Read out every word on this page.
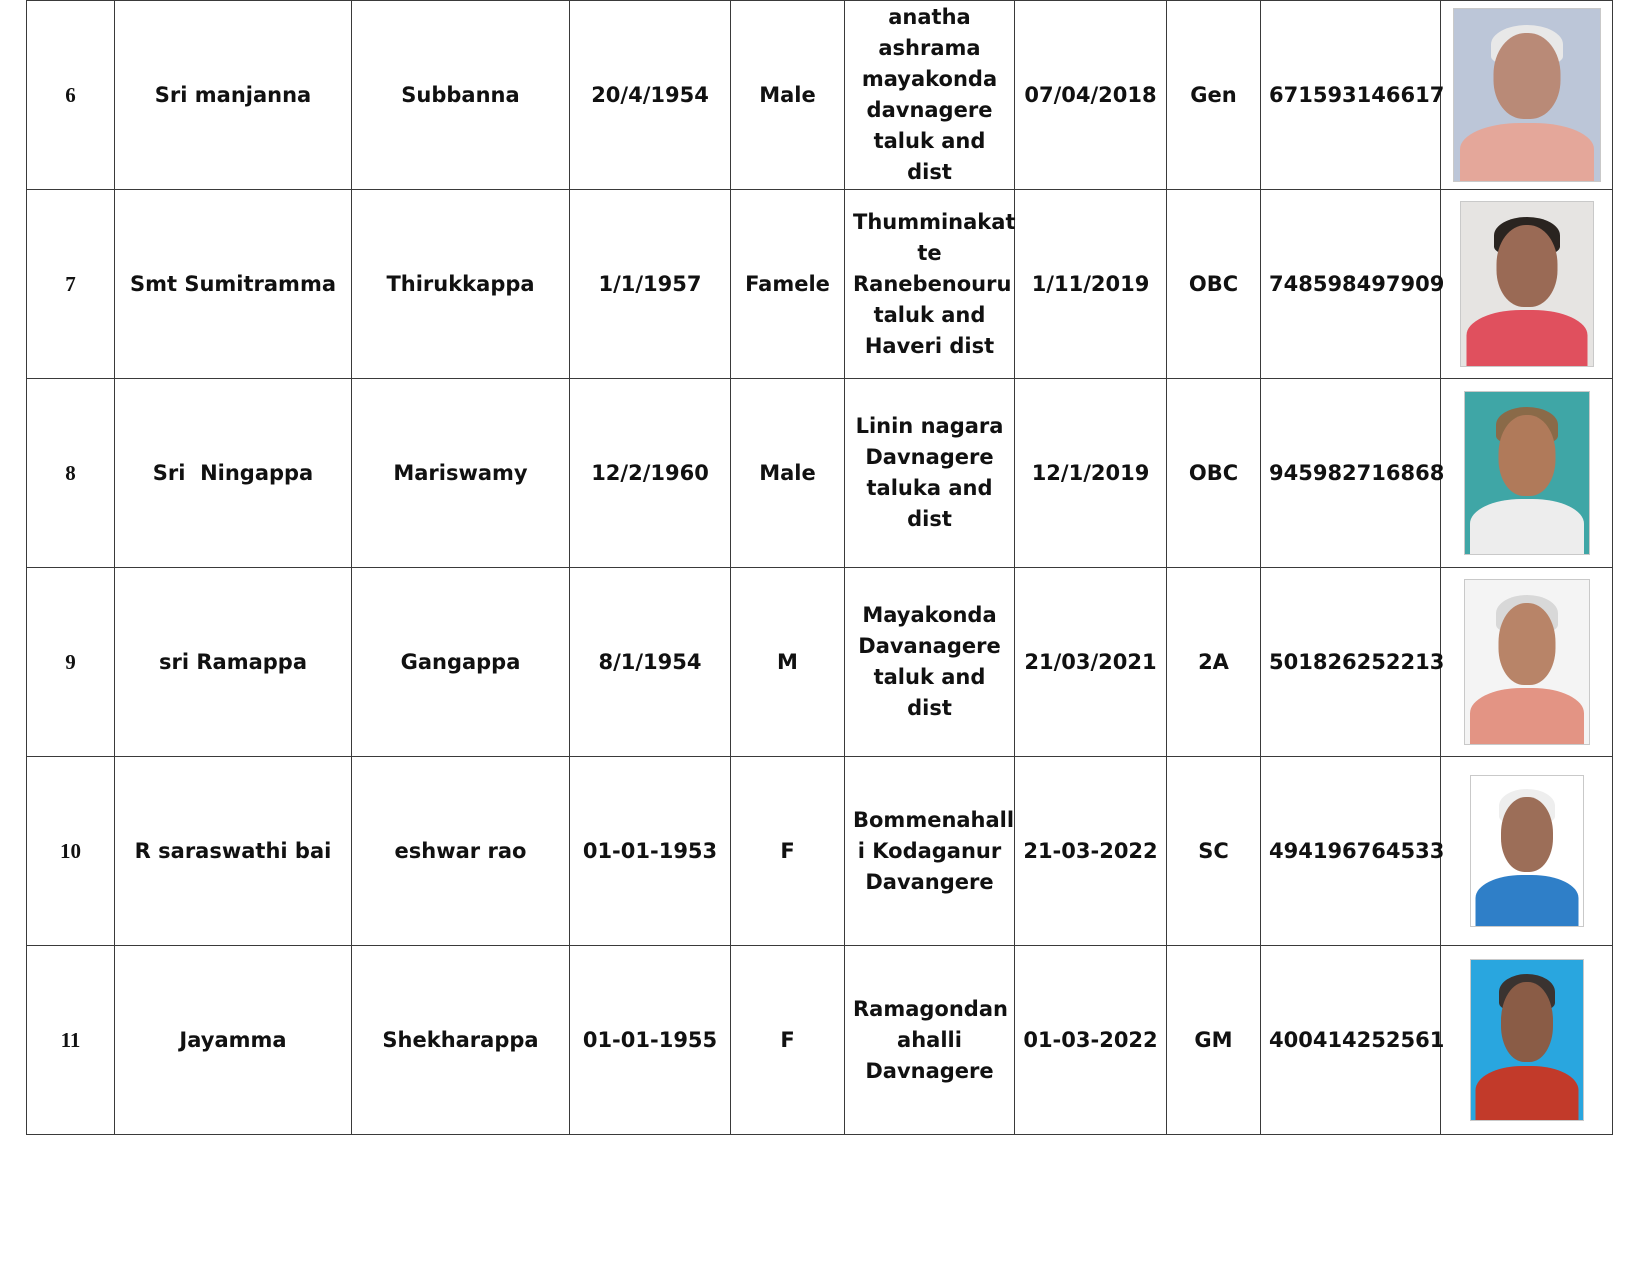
6	Sri manjanna	Subbanna	20/4/1954	Male	anatha
ashrama
mayakonda
davnagere
taluk and dist	07/04/2018	Gen	671593146617	

7	Smt Sumitramma	Thirukkappa	1/1/1957	Famele	Thumminakat
te
Ranebenouru
taluk and
Haveri dist	1/11/2019	OBC	748598497909	

8	Sri  Ningappa	Mariswamy	12/2/1960	Male	Linin nagara
Davnagere
taluka and
dist	12/1/2019	OBC	945982716868	

9	sri Ramappa	Gangappa	8/1/1954	M	Mayakonda
Davanagere
taluk and dist	21/03/2021	2A	501826252213	

10	R saraswathi bai	eshwar rao	01-01-1953	F	Bommenahall
i Kodaganur
Davangere	21-03-2022	SC	494196764533	

11	Jayamma	Shekharappa	01-01-1955	F	Ramagondan
ahalli
Davnagere	01-03-2022	GM	400414252561	
